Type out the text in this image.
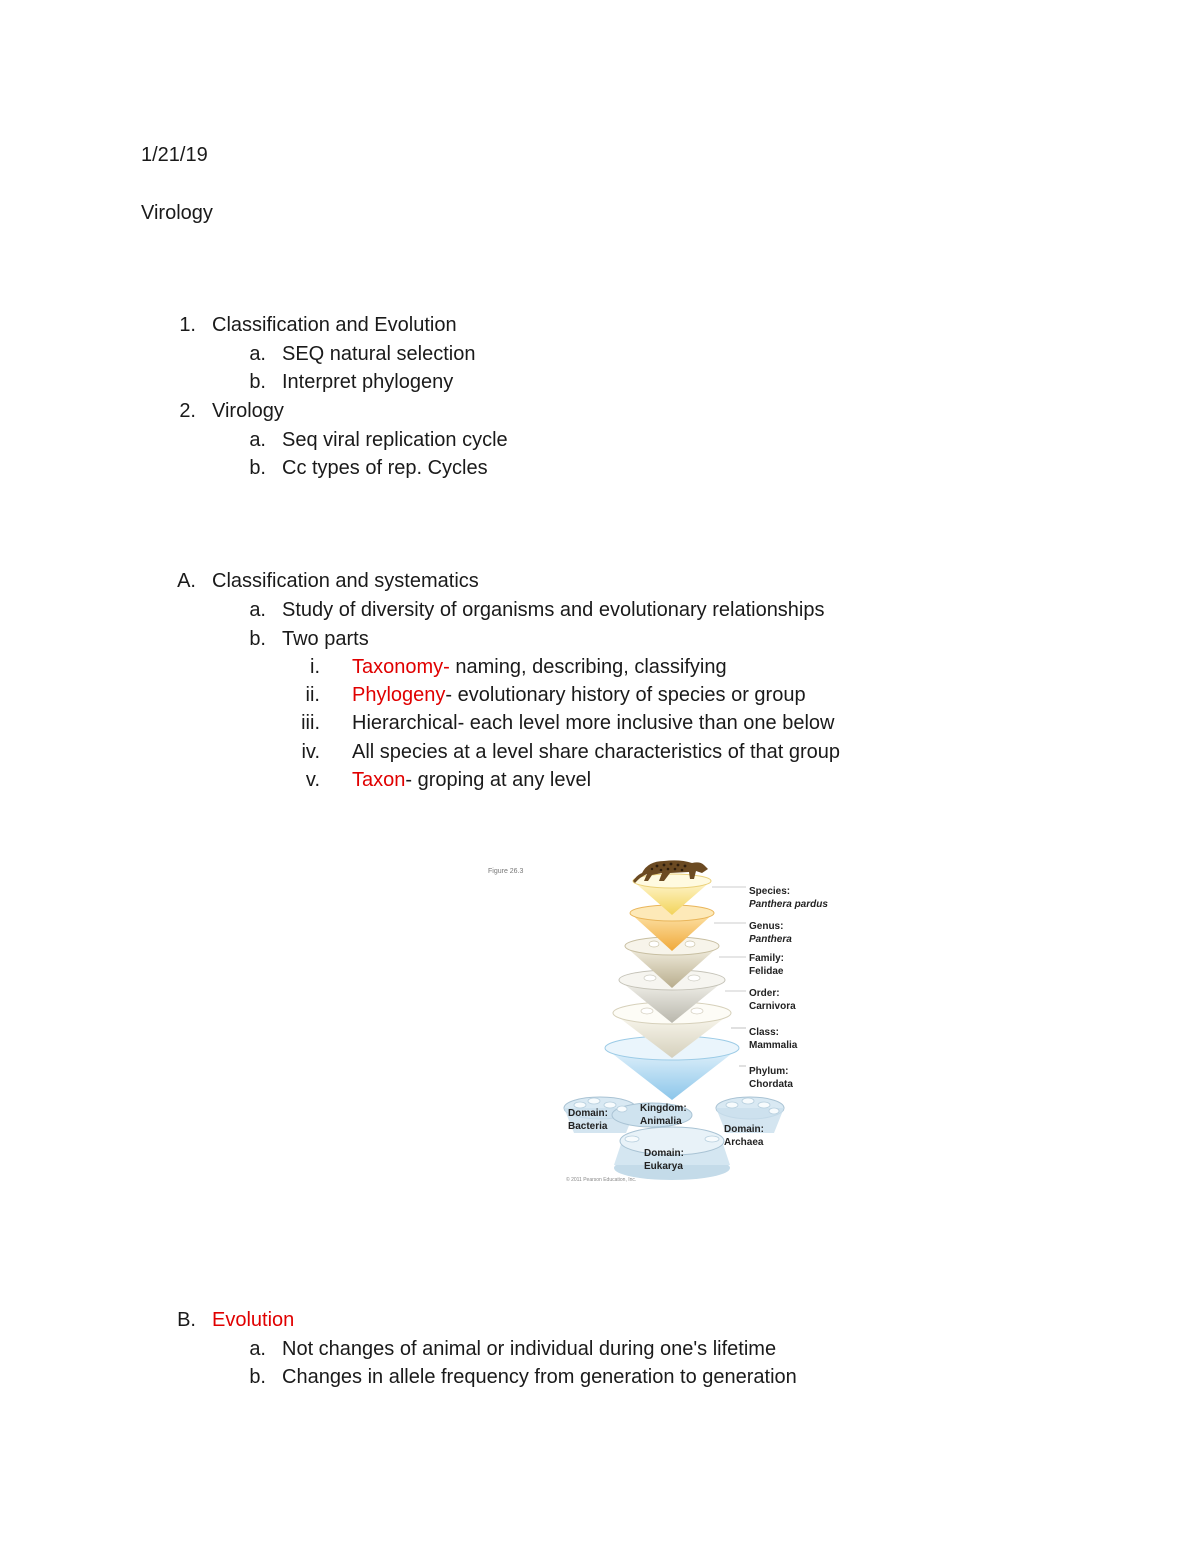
1/21/19
Virology
1. Classification and Evolution
a. SEQ natural selection
b. Interpret phylogeny
2. Virology
a. Seq viral replication cycle
b. Cc types of rep. Cycles
A. Classification and systematics
a. Study of diversity of organisms and evolutionary relationships
b. Two parts
i. Taxonomy- naming, describing, classifying
ii. Phylogeny- evolutionary history of species or group
iii. Hierarchical- each level more inclusive than one below
iv. All species at a level share characteristics of that group
v. Taxon- groping at any level
Figure 26.3
Species:
Panthera pardus
Genus:
Panthera
Family:
Felidae
Order:
Carnivora
Class:
Mammalia
Phylum:
Chordata
Domain:
Bacteria
Kingdom:
Animalia
Domain:
Archaea
Domain:
Eukarya
© 2011 Pearson Education, Inc.
B. Evolution
a. Not changes of animal or individual during one's lifetime
b. Changes in allele frequency from generation to generation
